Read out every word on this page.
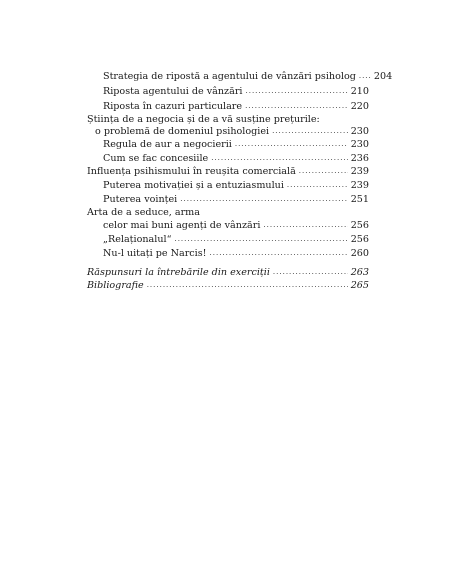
Strategia de ripostă a agentului de vânzări psiholog ..... 204
Riposta agentului de vânzări .....	210
Riposta în cazuri particulare .....	220
Știința de a negocia și de a vă susține prețurile:
o problemă de domeniul psihologiei .....	230
Regula de aur a negocierii .....	230
Cum se fac concesiile .....	236
Influența psihismului în reușita comercială .....	239
Puterea motivației și a entuziasmului .....	239
Puterea voinței .....	251
Arta de a seduce, arma
celor mai buni agenți de vânzări .....	256
„Relaționalul“ .....	256
Nu-l uitați pe Narcis! .....	260
Răspunsuri la întrebările din exerciții .....	263
Bibliografie .....	265
